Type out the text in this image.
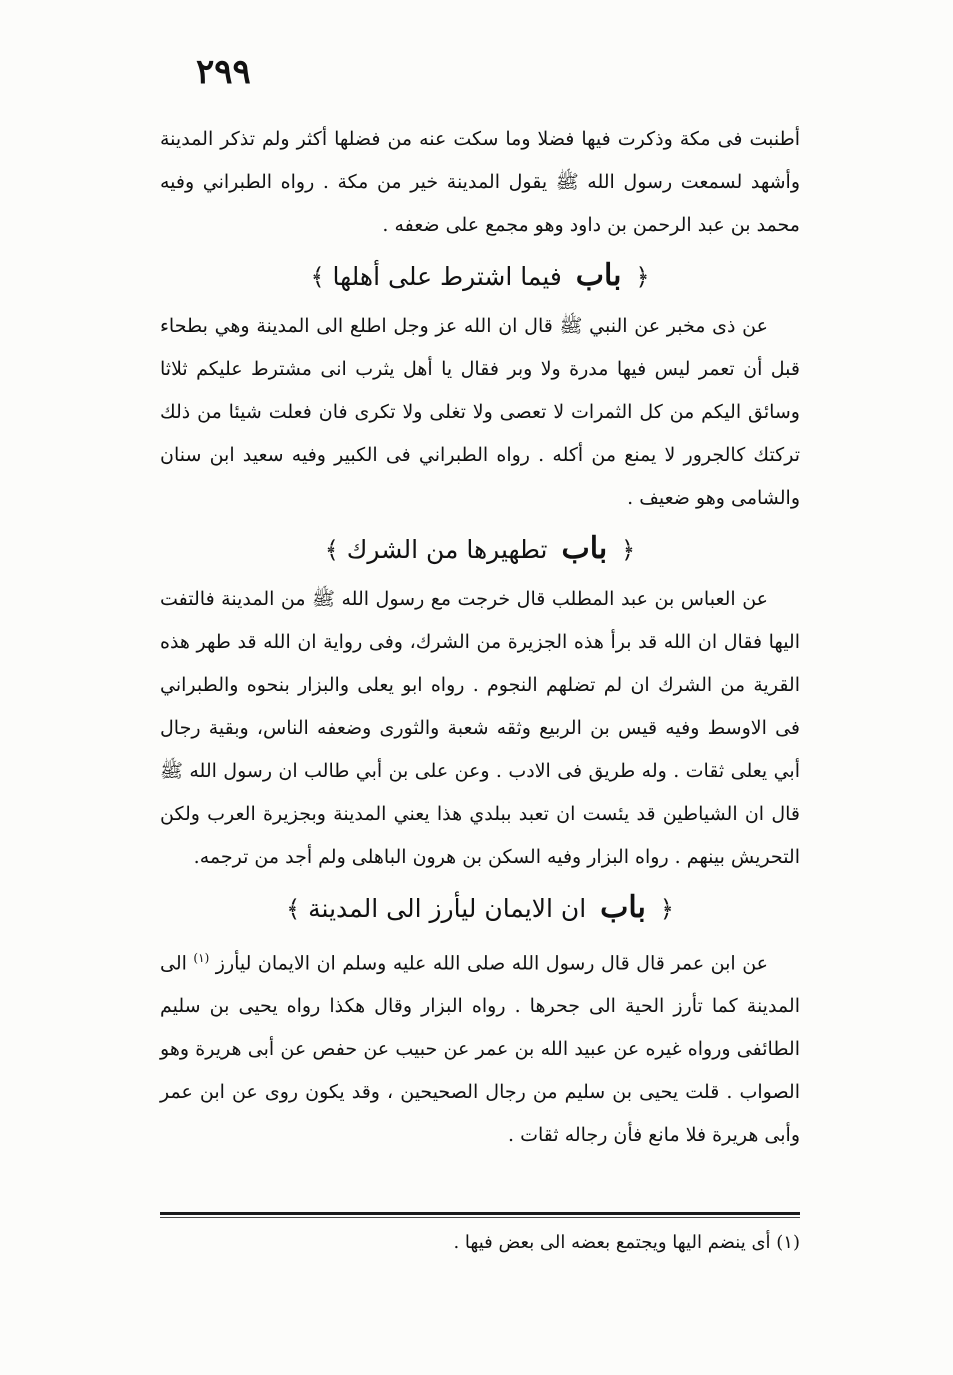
٢٩٩

أطنبت فى مكة وذكرت فيها فضلا وما سكت عنه من فضلها أكثر ولم تذكر المدينة وأشهد لسمعت رسول الله ﷺ يقول المدينة خير من مكة . رواه الطبراني وفيه محمد بن عبد الرحمن بن داود وهو مجمع على ضعفه .

﴿ باب فيما اشترط على أهلها ﴾

عن ذى مخبر عن النبي ﷺ قال ان الله عز وجل اطلع الى المدينة وهي بطحاء قبل أن تعمر ليس فيها مدرة ولا وبر فقال يا أهل يثرب انى مشترط عليكم ثلاثا وسائق اليكم من كل الثمرات لا تعصى ولا تغلى ولا تكرى فان فعلت شيئا من ذلك تركتك كالجرور لا يمنع من أكله . رواه الطبراني فى الكبير وفيه سعيد ابن سنان والشامى وهو ضعيف .

﴿ باب تطهيرها من الشرك ﴾

عن العباس بن عبد المطلب قال خرجت مع رسول الله ﷺ من المدينة فالتفت اليها فقال ان الله قد برأ هذه الجزيرة من الشرك، وفى رواية ان الله قد طهر هذه القرية من الشرك ان لم تضلهم النجوم . رواه ابو يعلى والبزار بنحوه والطبراني فى الاوسط وفيه قيس بن الربيع وثقه شعبة والثورى وضعفه الناس، وبقية رجال أبي يعلى ثقات . وله طريق فى الادب . وعن على بن أبي طالب ان رسول الله ﷺ قال ان الشياطين قد يئست ان تعبد ببلدي هذا يعني المدينة وبجزيرة العرب ولكن التحريش بينهم . رواه البزار وفيه السكن بن هرون الباهلى ولم أجد من ترجمه.

﴿ باب ان الايمان ليأرز الى المدينة ﴾

عن ابن عمر قال قال رسول الله صلى الله عليه وسلم ان الايمان ليأرز $^{(١)}$ الى المدينة كما تأرز الحية الى جحرها . رواه البزار وقال هكذا رواه يحيى بن سليم الطائفى ورواه غيره عن عبيد الله بن عمر عن حبيب عن حفص عن أبى هريرة وهو الصواب . قلت يحيى بن سليم من رجال الصحيحين ، وقد يكون روى عن ابن عمر وأبى هريرة فلا مانع فأن رجاله ثقات .

(١) أى ينضم اليها ويجتمع بعضه الى بعض فيها .
